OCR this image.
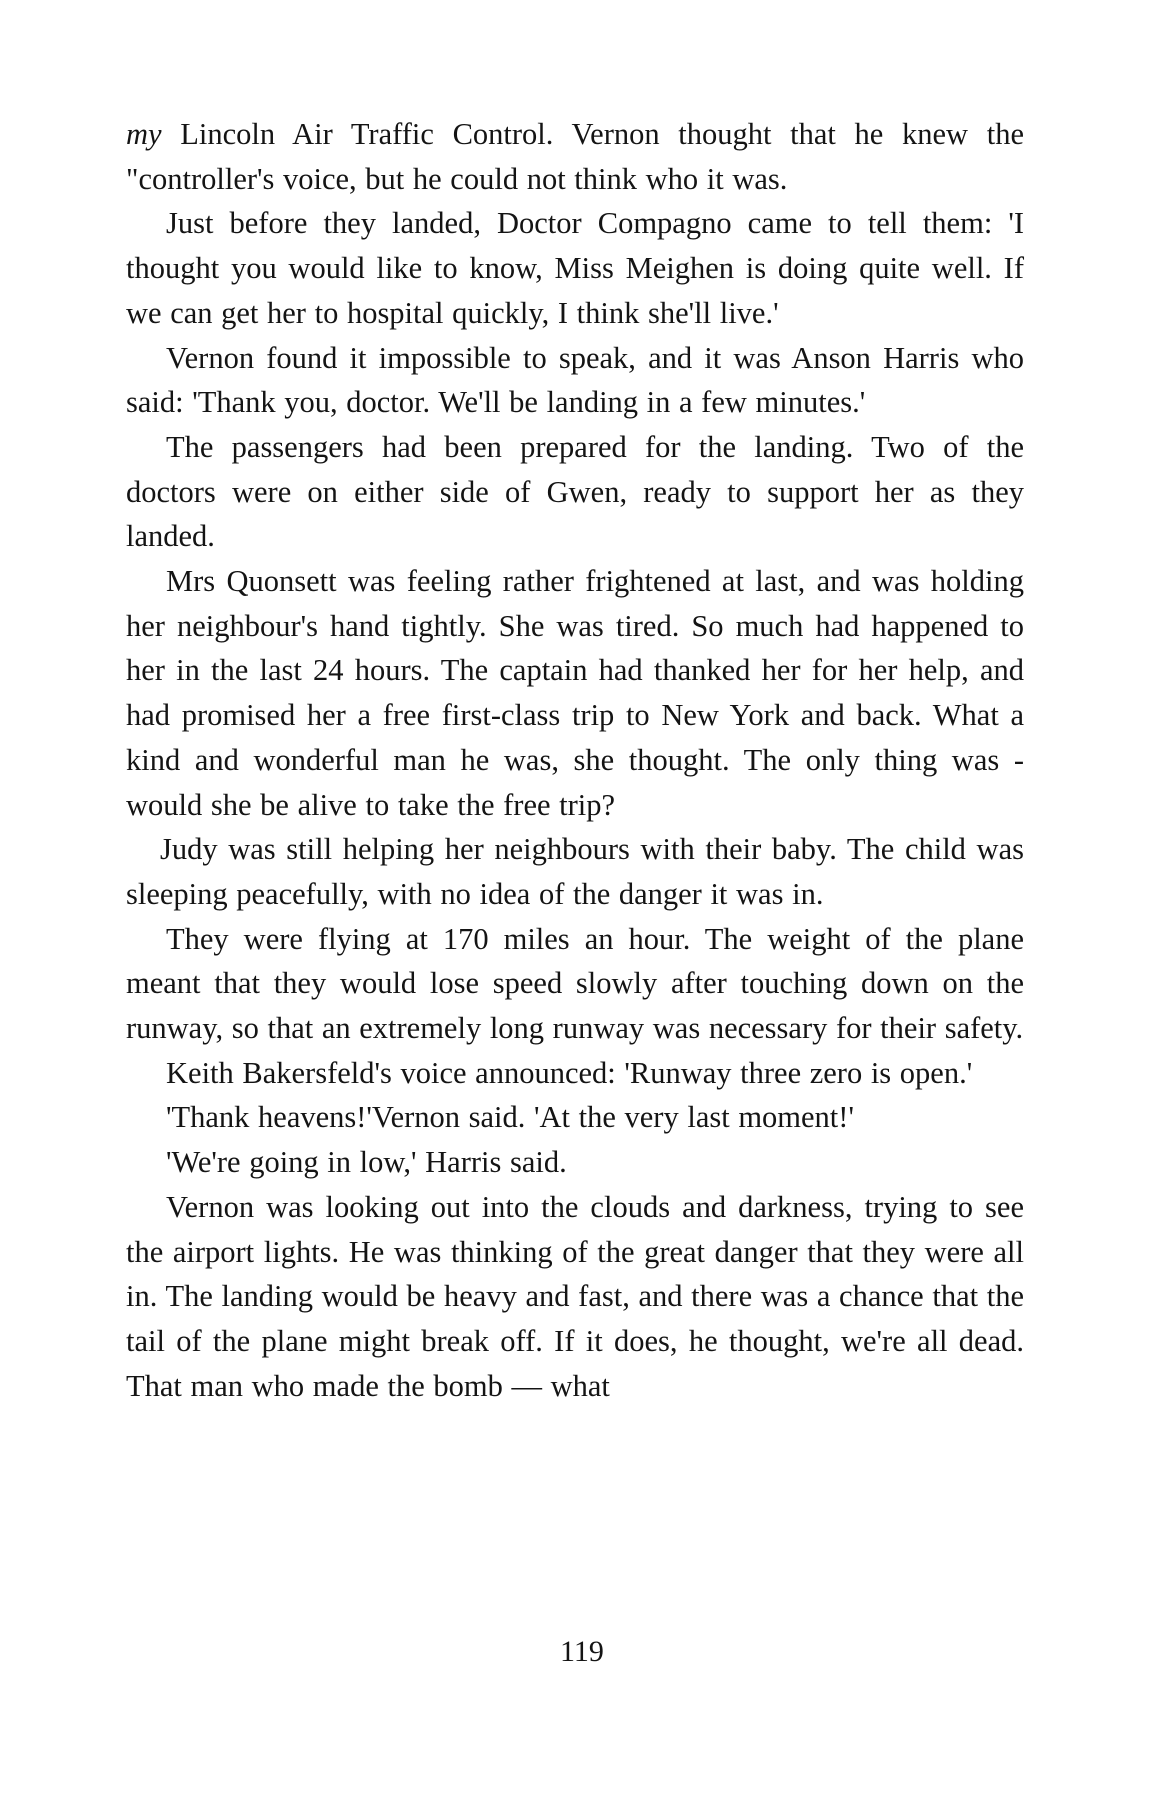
my Lincoln Air Traffic Control. Vernon thought that he knew the "controller's voice, but he could not think who it was.

Just before they landed, Doctor Compagno came to tell them: 'I thought you would like to know, Miss Meighen is doing quite well. If we can get her to hospital quickly, I think she'll live.'

Vernon found it impossible to speak, and it was Anson Harris who said: 'Thank you, doctor. We'll be landing in a few minutes.'

The passengers had been prepared for the landing. Two of the doctors were on either side of Gwen, ready to support her as they landed.

Mrs Quonsett was feeling rather frightened at last, and was holding her neighbour's hand tightly. She was tired. So much had happened to her in the last 24 hours. The captain had thanked her for her help, and had promised her a free first-class trip to New York and back. What a kind and wonderful man he was, she thought. The only thing was - would she be alive to take the free trip?

Judy was still helping her neighbours with their baby. The child was sleeping peacefully, with no idea of the danger it was in.

They were flying at 170 miles an hour. The weight of the plane meant that they would lose speed slowly after touching down on the runway, so that an extremely long runway was necessary for their safety.

Keith Bakersfeld's voice announced: 'Runway three zero is open.'

'Thank heavens!'Vernon said. 'At the very last moment!'

'We're going in low,' Harris said.

Vernon was looking out into the clouds and darkness, trying to see the airport lights. He was thinking of the great danger that they were all in. The landing would be heavy and fast, and there was a chance that the tail of the plane might break off. If it does, he thought, we're all dead. That man who made the bomb — what

119
